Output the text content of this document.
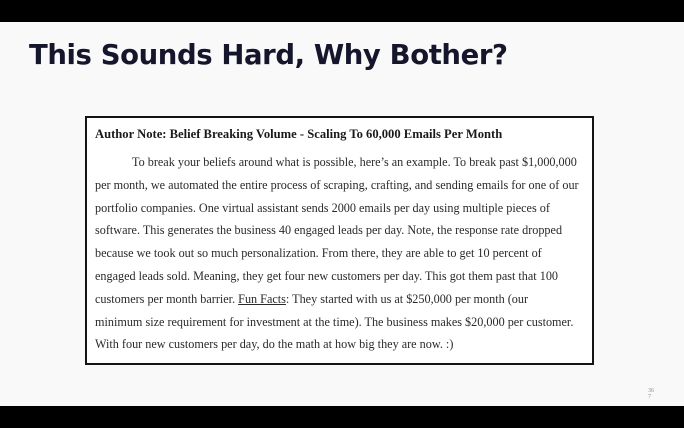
This Sounds Hard, Why Bother?

Author Note: Belief Breaking Volume - Scaling To 60,000 Emails Per Month

To break your beliefs around what is possible, here’s an example. To break past $1,000,000
per month, we automated the entire process of scraping, crafting, and sending emails for one of our
portfolio companies. One virtual assistant sends 2000 emails per day using multiple pieces of
software. This generates the business 40 engaged leads per day. Note, the response rate dropped
because we took out so much personalization. From there, they are able to get 10 percent of
engaged leads sold. Meaning, they get four new customers per day. This got them past that 100
customers per month barrier. Fun Facts: They started with us at $250,000 per month (our
minimum size requirement for investment at the time). The business makes $20,000 per customer.
With four new customers per day, do the math at how big they are now. :)
36
7
